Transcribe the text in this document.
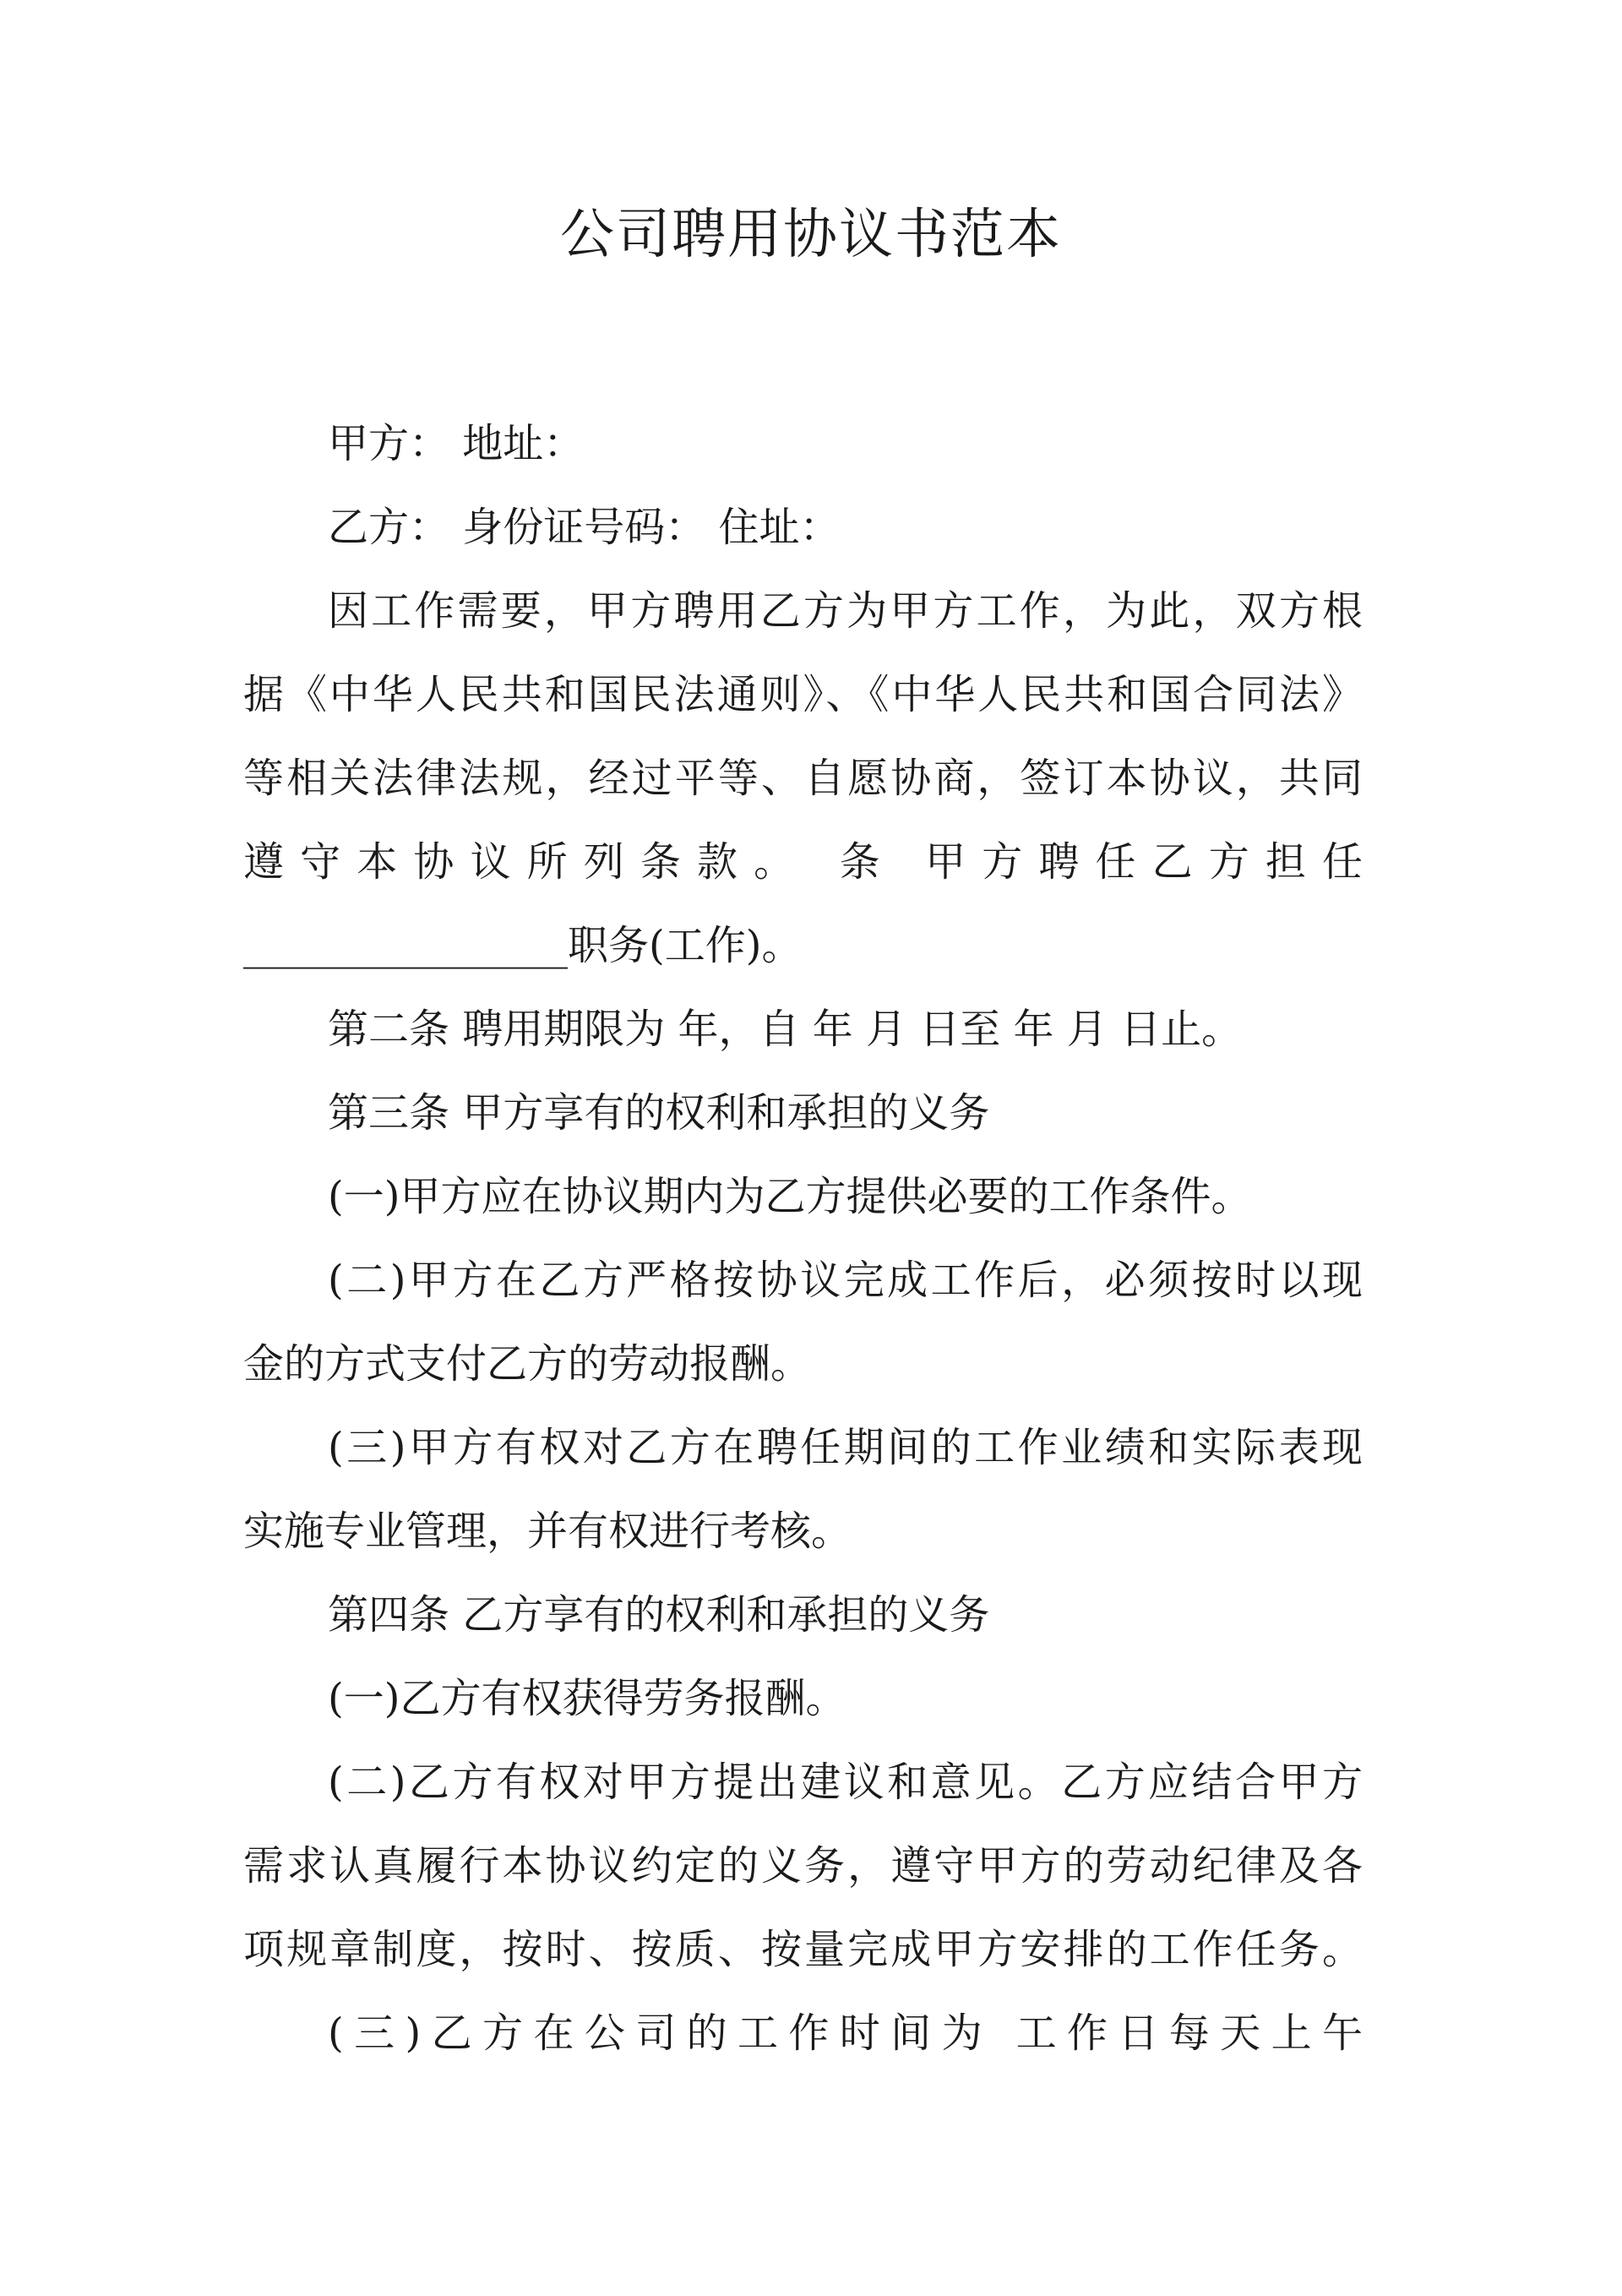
公司聘用协议书范本
甲方： 地址：
乙方： 身份证号码： 住址：
因工作需要，甲方聘用乙方为甲方工作，为此，双方根
据《中华人民共和国民法通则》、《中华人民共和国合同法》
等相关法律法规，经过平等、自愿协商，签订本协议，共同
遵守本协议所列条款。 条 甲方聘任乙方担任
________________职务(工作)。
第二条 聘用期限为 年，自 年 月 日至 年 月 日止。
第三条 甲方享有的权利和承担的义务
(一)甲方应在协议期内为乙方提供必要的工作条件。
(二)甲方在乙方严格按协议完成工作后，必须按时以现
金的方式支付乙方的劳动报酬。
(三)甲方有权对乙方在聘任期间的工作业绩和实际表现
实施专业管理，并有权进行考核。
第四条 乙方享有的权利和承担的义务
(一)乙方有权获得劳务报酬。
(二)乙方有权对甲方提出建议和意见。乙方应结合甲方
需求认真履行本协议约定的义务，遵守甲方的劳动纪律及各
项规章制度，按时、按质、按量完成甲方安排的工作任务。
(三)乙方在公司的工作时间为 工作日每天上午
